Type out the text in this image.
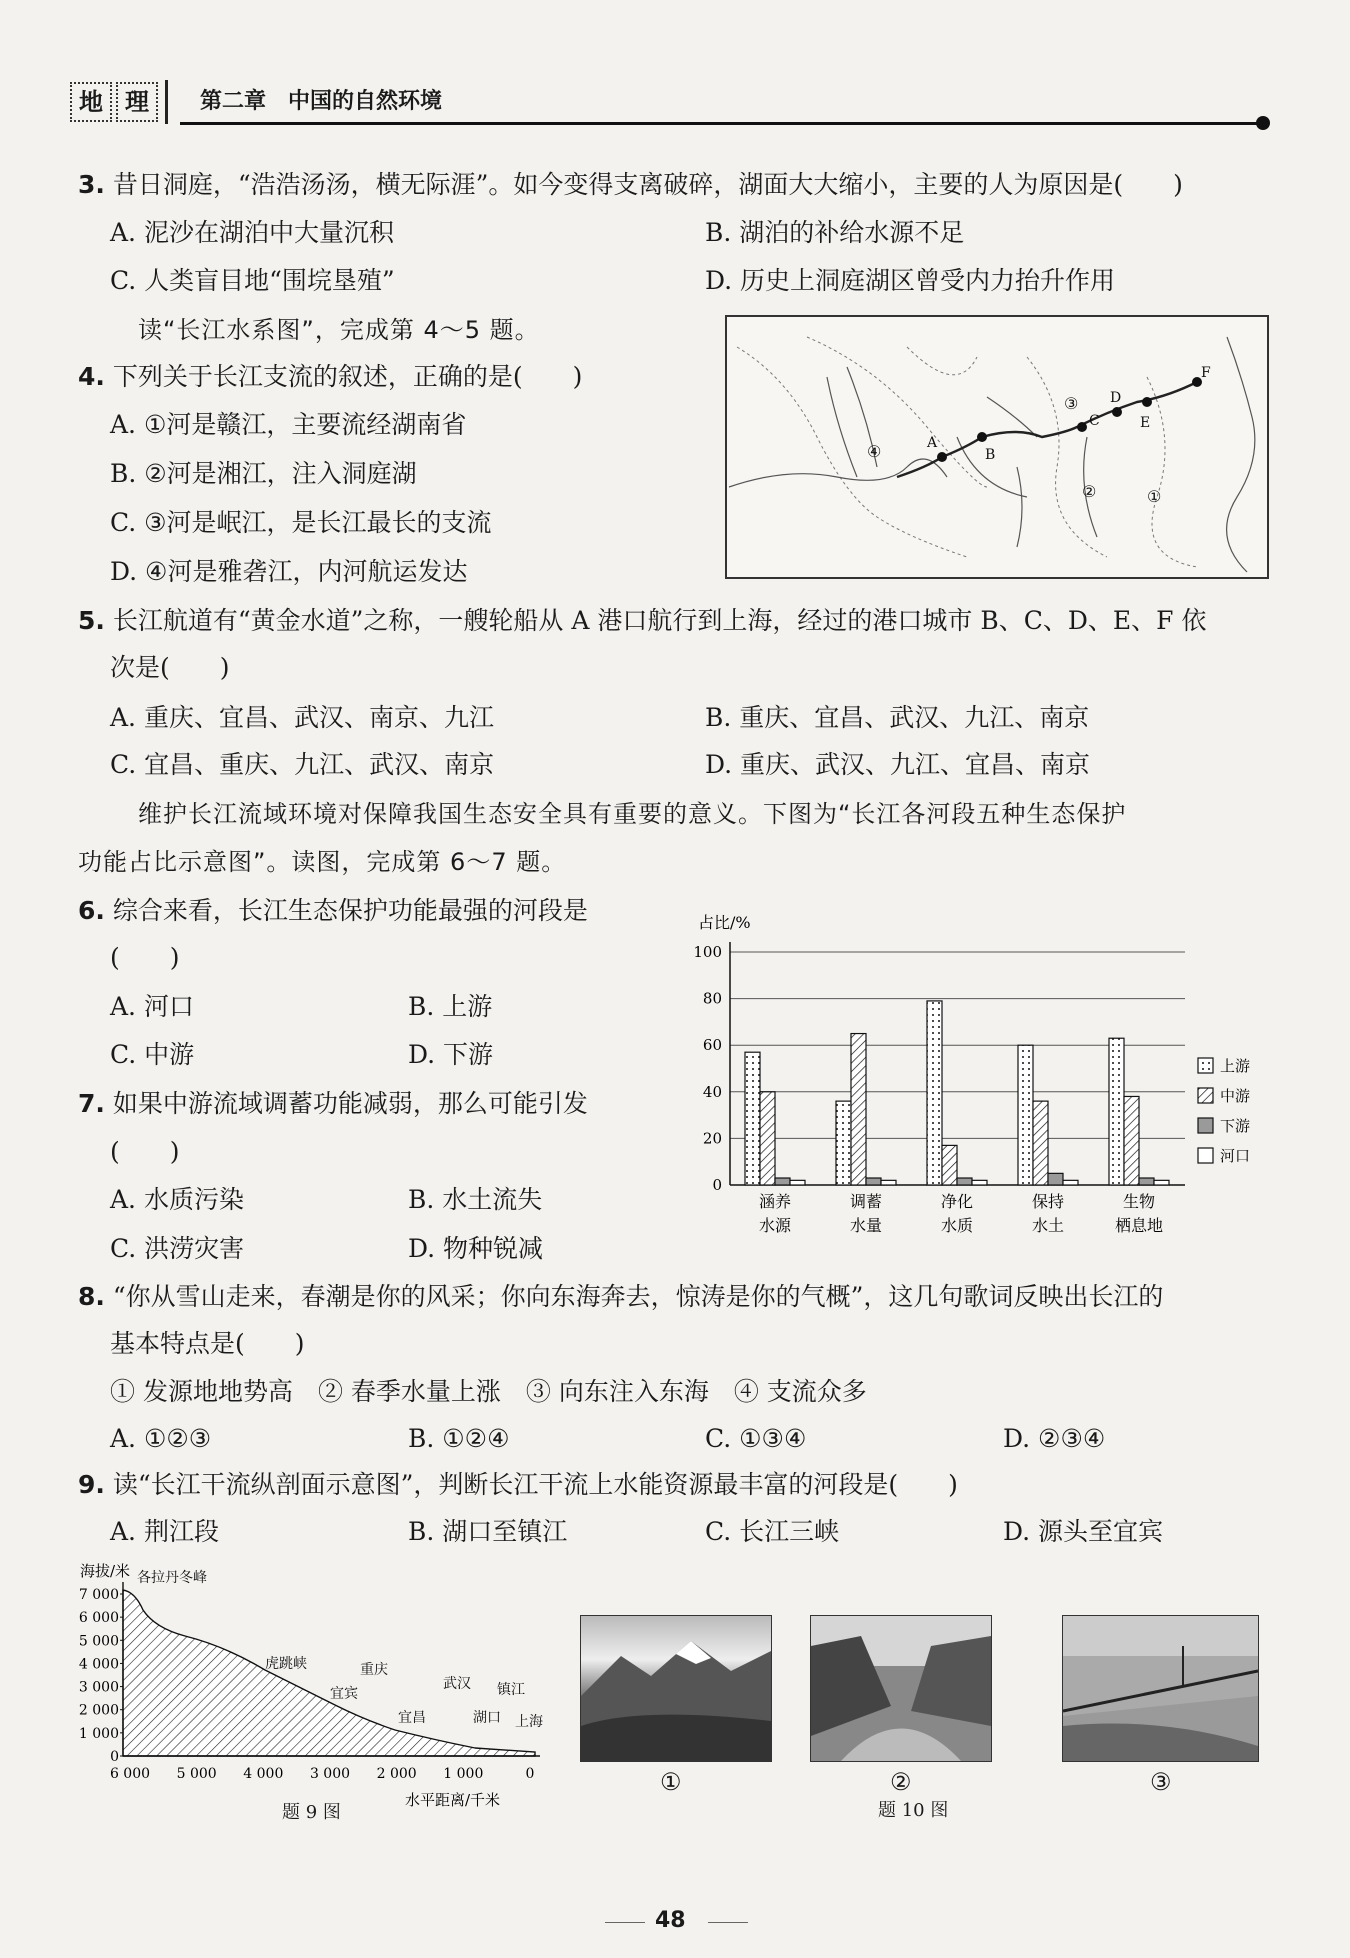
地 理	第二章 中国的自然环境
3. 昔日洞庭，“浩浩汤汤，横无际涯”。如今变得支离破碎，湖面大大缩小，主要的人为原因是(　　)
A. 泥沙在湖泊中大量沉积	B. 湖泊的补给水源不足
C. 人类盲目地“围垸垦殖”	D. 历史上洞庭湖区曾受内力抬升作用
读“长江水系图”，完成第 4～5 题。
4. 下列关于长江支流的叙述，正确的是(　　)
A. ①河是赣江，主要流经湖南省
B. ②河是湘江，注入洞庭湖
C. ③河是岷江，是长江最长的支流
D. ④河是雅砻江，内河航运发达
A
B
C
D
E
F
①
②
③
④
5. 长江航道有“黄金水道”之称，一艘轮船从 A 港口航行到上海，经过的港口城市 B、C、D、E、F 依
次是(　　)
A. 重庆、宜昌、武汉、南京、九江	B. 重庆、宜昌、武汉、九江、南京
C. 宜昌、重庆、九江、武汉、南京	D. 重庆、武汉、九江、宜昌、南京
维护长江流域环境对保障我国生态安全具有重要的意义。下图为“长江各河段五种生态保护
功能占比示意图”。读图，完成第 6～7 题。
6. 综合来看，长江生态保护功能最强的河段是
(　　)
A. 河口	B. 上游
C. 中游	D. 下游
7. 如果中游流域调蓄功能减弱，那么可能引发
(　　)
A. 水质污染	B. 水土流失
C. 洪涝灾害	D. 物种锐减
占比/%
0
20
40
60
80
100
涵养
水源
调蓄
水量
净化
水质
保持
水土
生物
栖息地
上游
中游
下游
河口
8. “你从雪山走来，春潮是你的风采；你向东海奔去，惊涛是你的气概”，这几句歌词反映出长江的
基本特点是(　　)
① 发源地地势高　② 春季水量上涨　③ 向东注入东海　④ 支流众多
A. ①②③	B. ①②④	C. ①③④	D. ②③④
9. 读“长江干流纵剖面示意图”，判断长江干流上水能资源最丰富的河段是(　　)
A. 荆江段	B. 湖口至镇江	C. 长江三峡	D. 源头至宜宾
海拔/米
0
1 000
2 000
3 000
4 000
5 000
6 000
7 000
6 000 5 000 4 000 3 000 2 000 1 000	0
水平距离/千米
各拉丹冬峰
虎跳峡
宜宾
重庆
宜昌
武汉
湖口
镇江
上海
题 9 图
①	②	③
题 10 图
48
